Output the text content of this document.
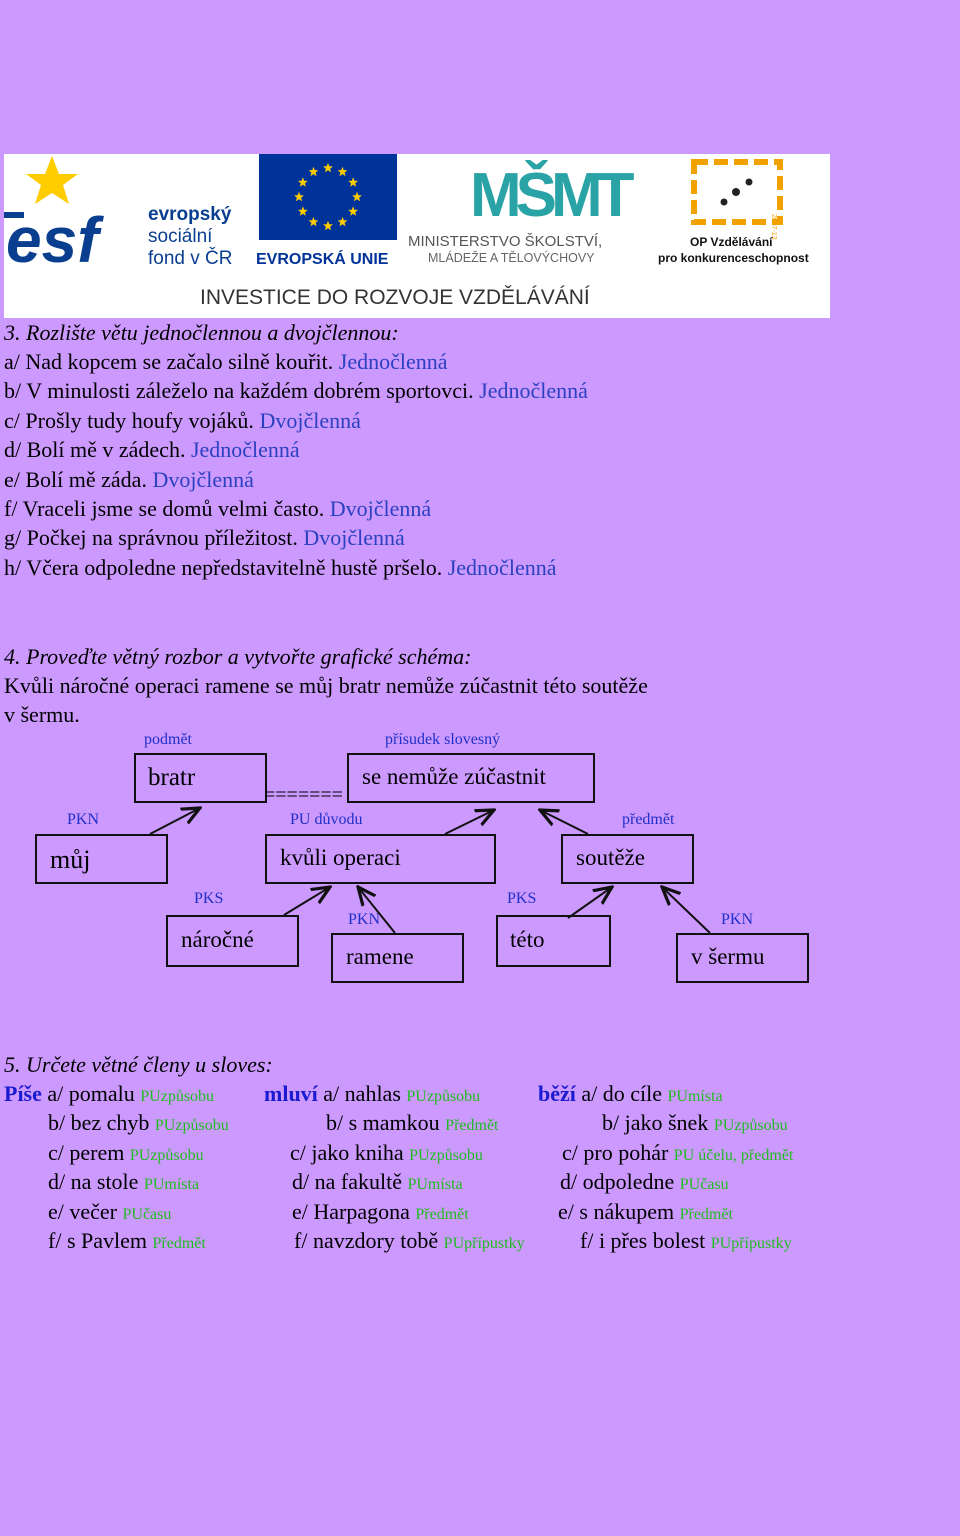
esf	evropský
sociální
fond v ČR EVROPSKÁ UNIE
MŠMT
MINISTERSTVO ŠKOLSTVÍ,
MLÁDEŽE A TĚLOVÝCHOVY
2007-13
OP Vzdělávání
pro konkurenceschopnost
INVESTICE DO ROZVOJE VZDĚLÁVÁNÍ
3. Rozlište větu jednočlennou a dvojčlennou:
a/ Nad kopcem se začalo silně kouřit. Jednočlenná
b/ V minulosti záleželo na každém dobrém sportovci. Jednočlenná
c/ Prošly tudy houfy vojáků. Dvojčlenná
d/ Bolí mě v zádech. Jednočlenná
e/ Bolí mě záda. Dvojčlenná
f/ Vraceli jsme se domů velmi často. Dvojčlenná
g/ Počkej na správnou příležitost. Dvojčlenná
h/ Včera odpoledne nepředstavitelně hustě pršelo. Jednočlenná
4. Proveďte větný rozbor a vytvořte grafické schéma:
Kvůli náročné operaci ramene se můj bratr nemůže zúčastnit této soutěže
v šermu.
podmět	přísudek slovesný
PKN	PU důvodu	předmět
PKS
PKN
PKS
PKN
bratr	se nemůže zúčastnit
=======
můj	kvůli operaci	soutěže
náročné
ramene
této
v šermu
5. Určete větné členy u sloves:
Píše a/ pomalu PUzpůsobu
b/ bez chyb PUzpůsobu
c/ perem PUzpůsobu
d/ na stole PUmísta
e/ večer PUčasu
f/ s Pavlem Předmět
mluví a/ nahlas PUzpůsobu
b/ s mamkou Předmět
c/ jako kniha PUzpůsobu
d/ na fakultě PUmísta
e/ Harpagona Předmět
f/ navzdory tobě PUpřípustky
běží a/ do cíle PUmísta
b/ jako šnek PUzpůsobu
c/ pro pohár PU účelu, předmět
d/ odpoledne PUčasu
e/ s nákupem Předmět
f/ i přes bolest PUpřípustky
